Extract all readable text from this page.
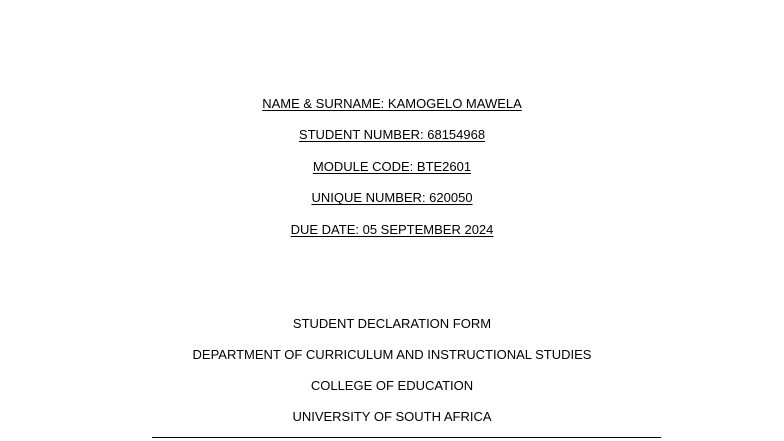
NAME & SURNAME: KAMOGELO MAWELA
STUDENT NUMBER: 68154968
MODULE CODE: BTE2601
UNIQUE NUMBER: 620050
DUE DATE: 05 SEPTEMBER 2024
STUDENT DECLARATION FORM
DEPARTMENT OF CURRICULUM AND INSTRUCTIONAL STUDIES
COLLEGE OF EDUCATION
UNIVERSITY OF SOUTH AFRICA
